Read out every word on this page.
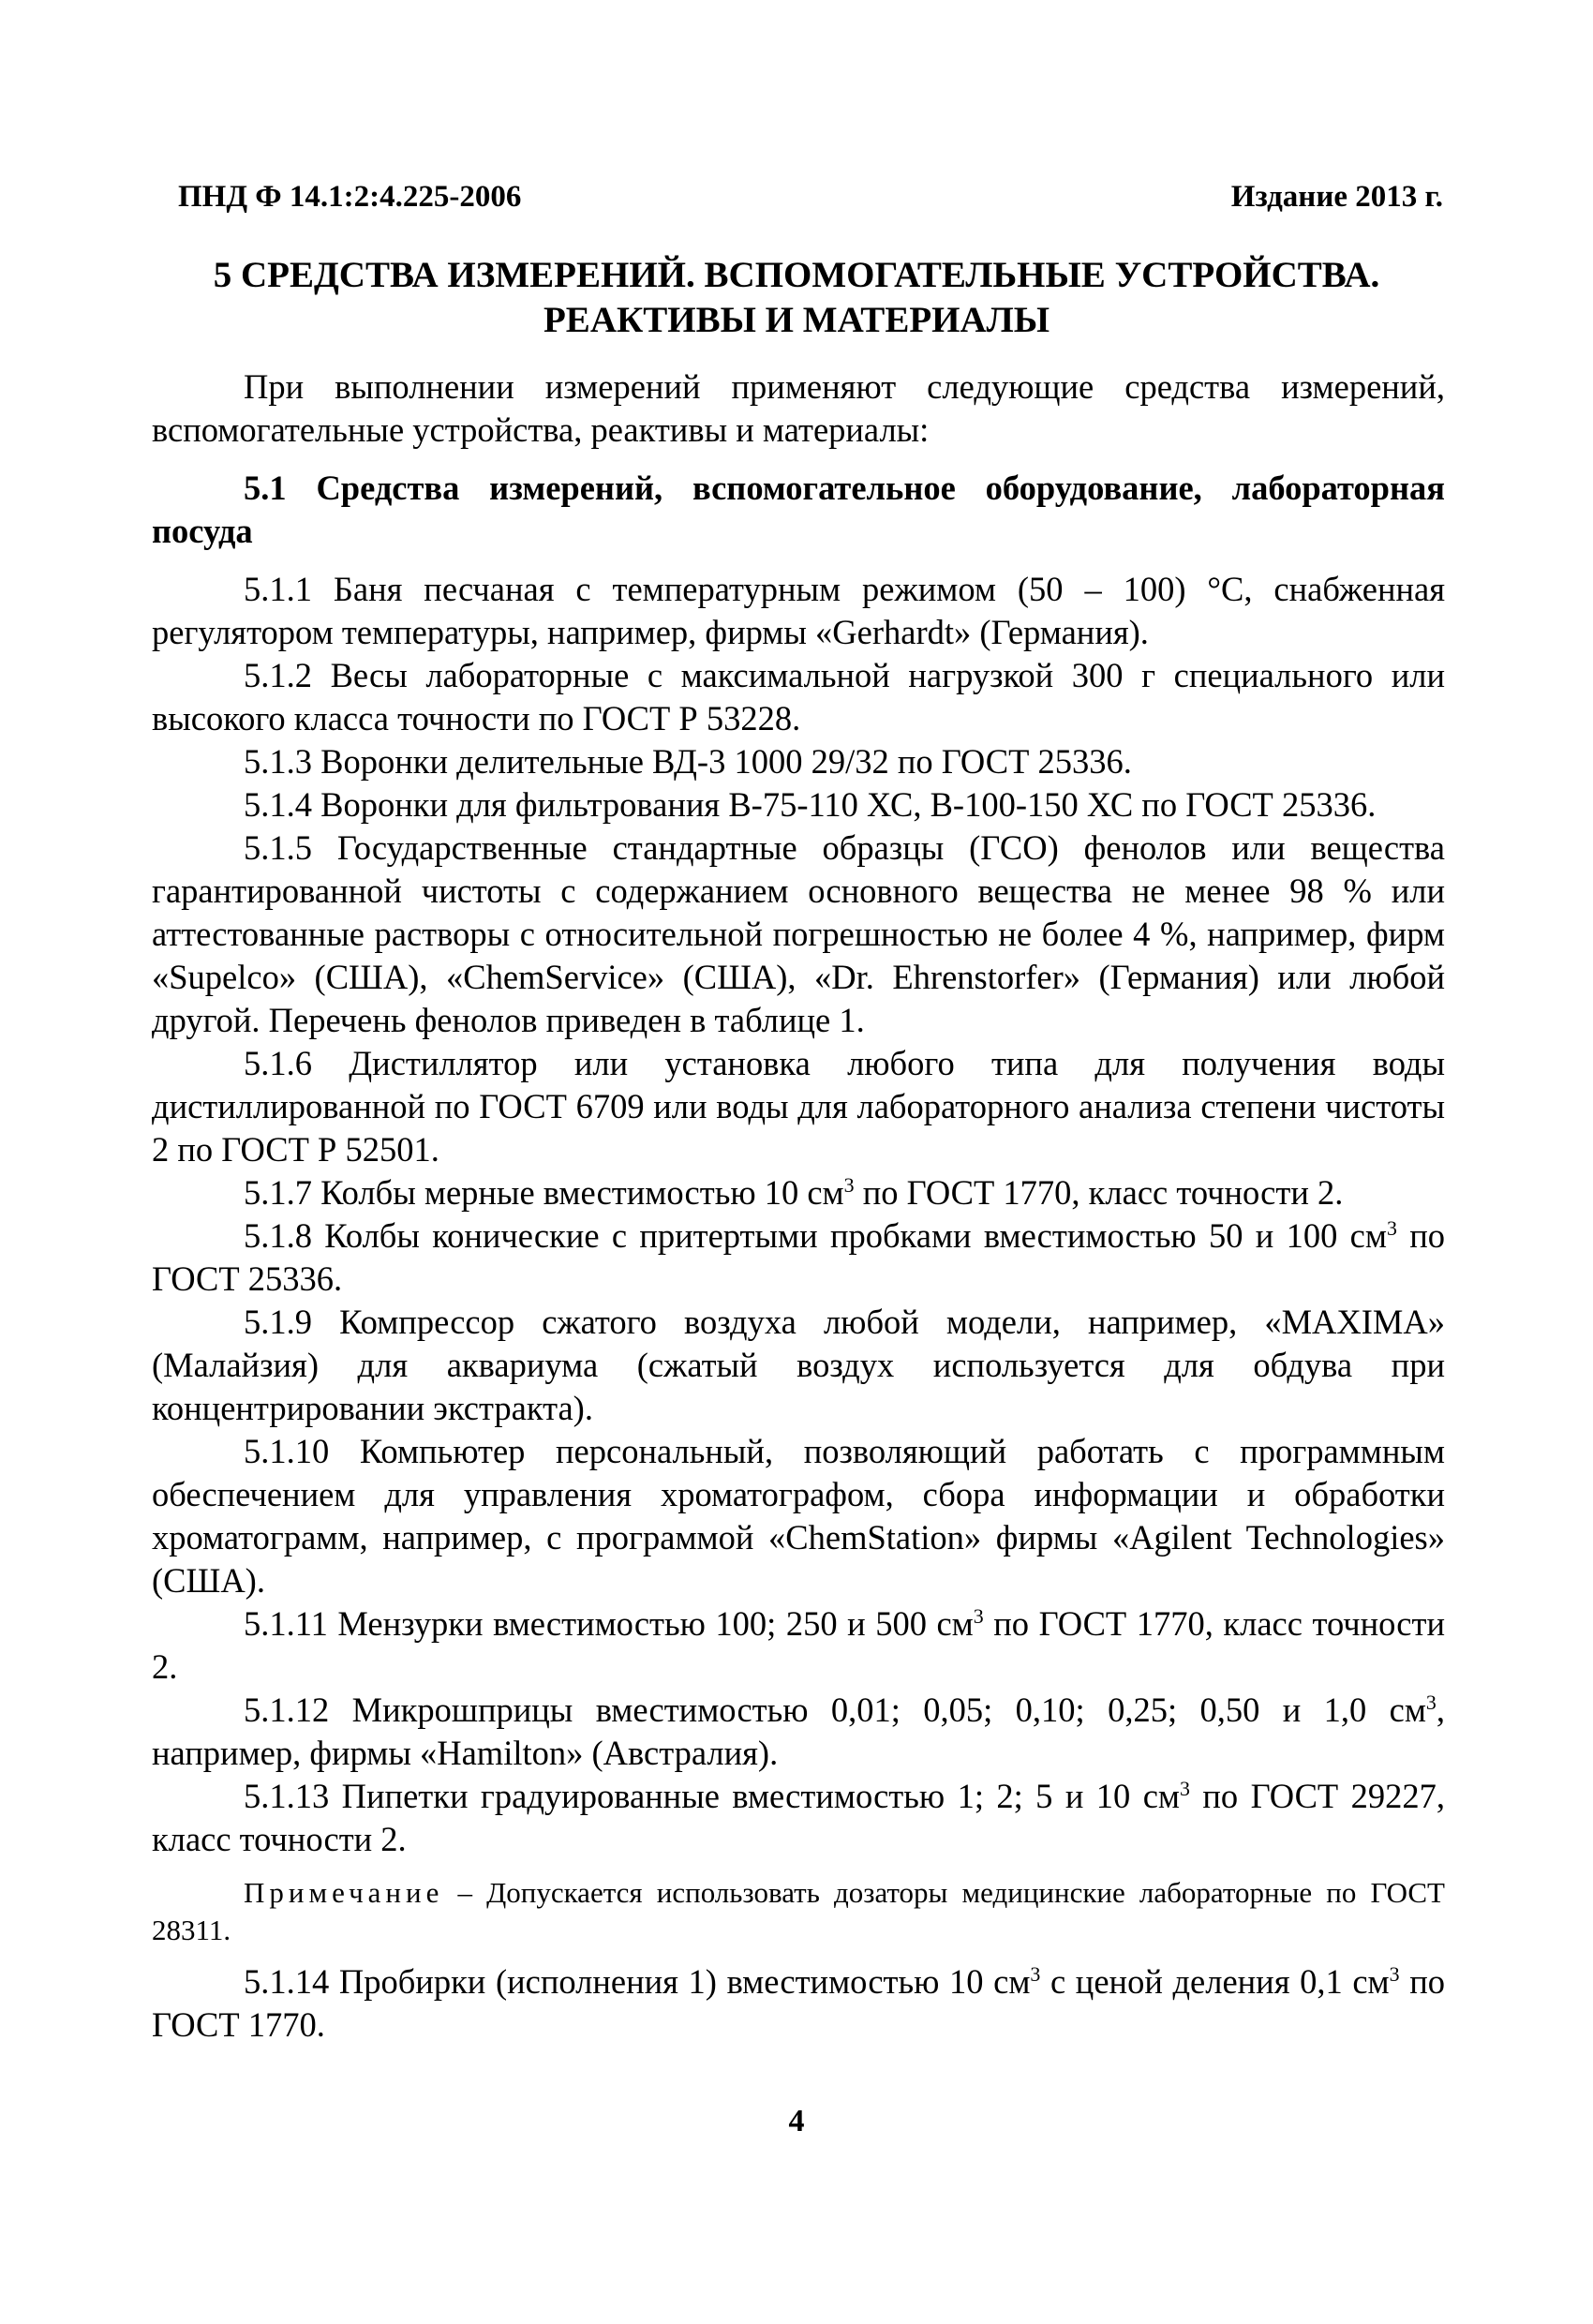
ПНД Ф 14.1:2:4.225-2006	Издание 2013 г.
5 СРЕДСТВА ИЗМЕРЕНИЙ. ВСПОМОГАТЕЛЬНЫЕ УСТРОЙСТВА.
РЕАКТИВЫ И МАТЕРИАЛЫ

При выполнении измерений применяют следующие средства измерений, вспомогательные устройства, реактивы и материалы:

5.1 Средства измерений, вспомогательное оборудование, лабораторная посуда

5.1.1 Баня песчаная с температурным режимом (50 – 100) °С, снабженная регулятором температуры, например, фирмы «Gerhardt» (Германия).

5.1.2 Весы лабораторные с максимальной нагрузкой 300 г специального или высокого класса точности по ГОСТ Р 53228.

5.1.3 Воронки делительные ВД-3 1000 29/32 по ГОСТ 25336.

5.1.4 Воронки для фильтрования В-75-110 ХС, В-100-150 ХС по ГОСТ 25336.

5.1.5 Государственные стандартные образцы (ГСО) фенолов или вещества гарантированной чистоты с содержанием основного вещества не менее 98 % или аттестованные растворы с относительной погрешностью не более 4 %, например, фирм «Supelco» (США), «ChemService» (США), «Dr. Ehrenstorfer» (Германия) или любой другой. Перечень фенолов приведен в таблице 1.

5.1.6 Дистиллятор или установка любого типа для получения воды дистиллированной по ГОСТ 6709 или воды для лабораторного анализа степени чистоты 2 по ГОСТ Р 52501.

5.1.7 Колбы мерные вместимостью 10 $см^3$ по ГОСТ 1770, класс точности 2.

5.1.8 Колбы конические с притертыми пробками вместимостью 50 и 100 $см^3$ по ГОСТ 25336.

5.1.9 Компрессор сжатого воздуха любой модели, например, «MAXIMA» (Малайзия) для аквариума (сжатый воздух используется для обдува при концентрировании экстракта).

5.1.10 Компьютер персональный, позволяющий работать с программным обеспечением для управления хроматографом, сбора информации и обработки хроматограмм, например, с программой «ChemStation» фирмы «Agilent Technologies» (США).

5.1.11 Мензурки вместимостью 100; 250 и 500 $см^3$ по ГОСТ 1770, класс точности 2.

5.1.12 Микрошприцы вместимостью 0,01; 0,05; 0,10; 0,25; 0,50 и 1,0 $см^3$, например, фирмы «Hamilton» (Австралия).

5.1.13 Пипетки градуированные вместимостью 1; 2; 5 и 10 $см^3$ по ГОСТ 29227, класс точности 2.

Примечание – Допускается использовать дозаторы медицинские лабораторные по ГОСТ 28311.

5.1.14 Пробирки (исполнения 1) вместимостью 10 $см^3$ с ценой деления 0,1 $см^3$ по ГОСТ 1770.

4
